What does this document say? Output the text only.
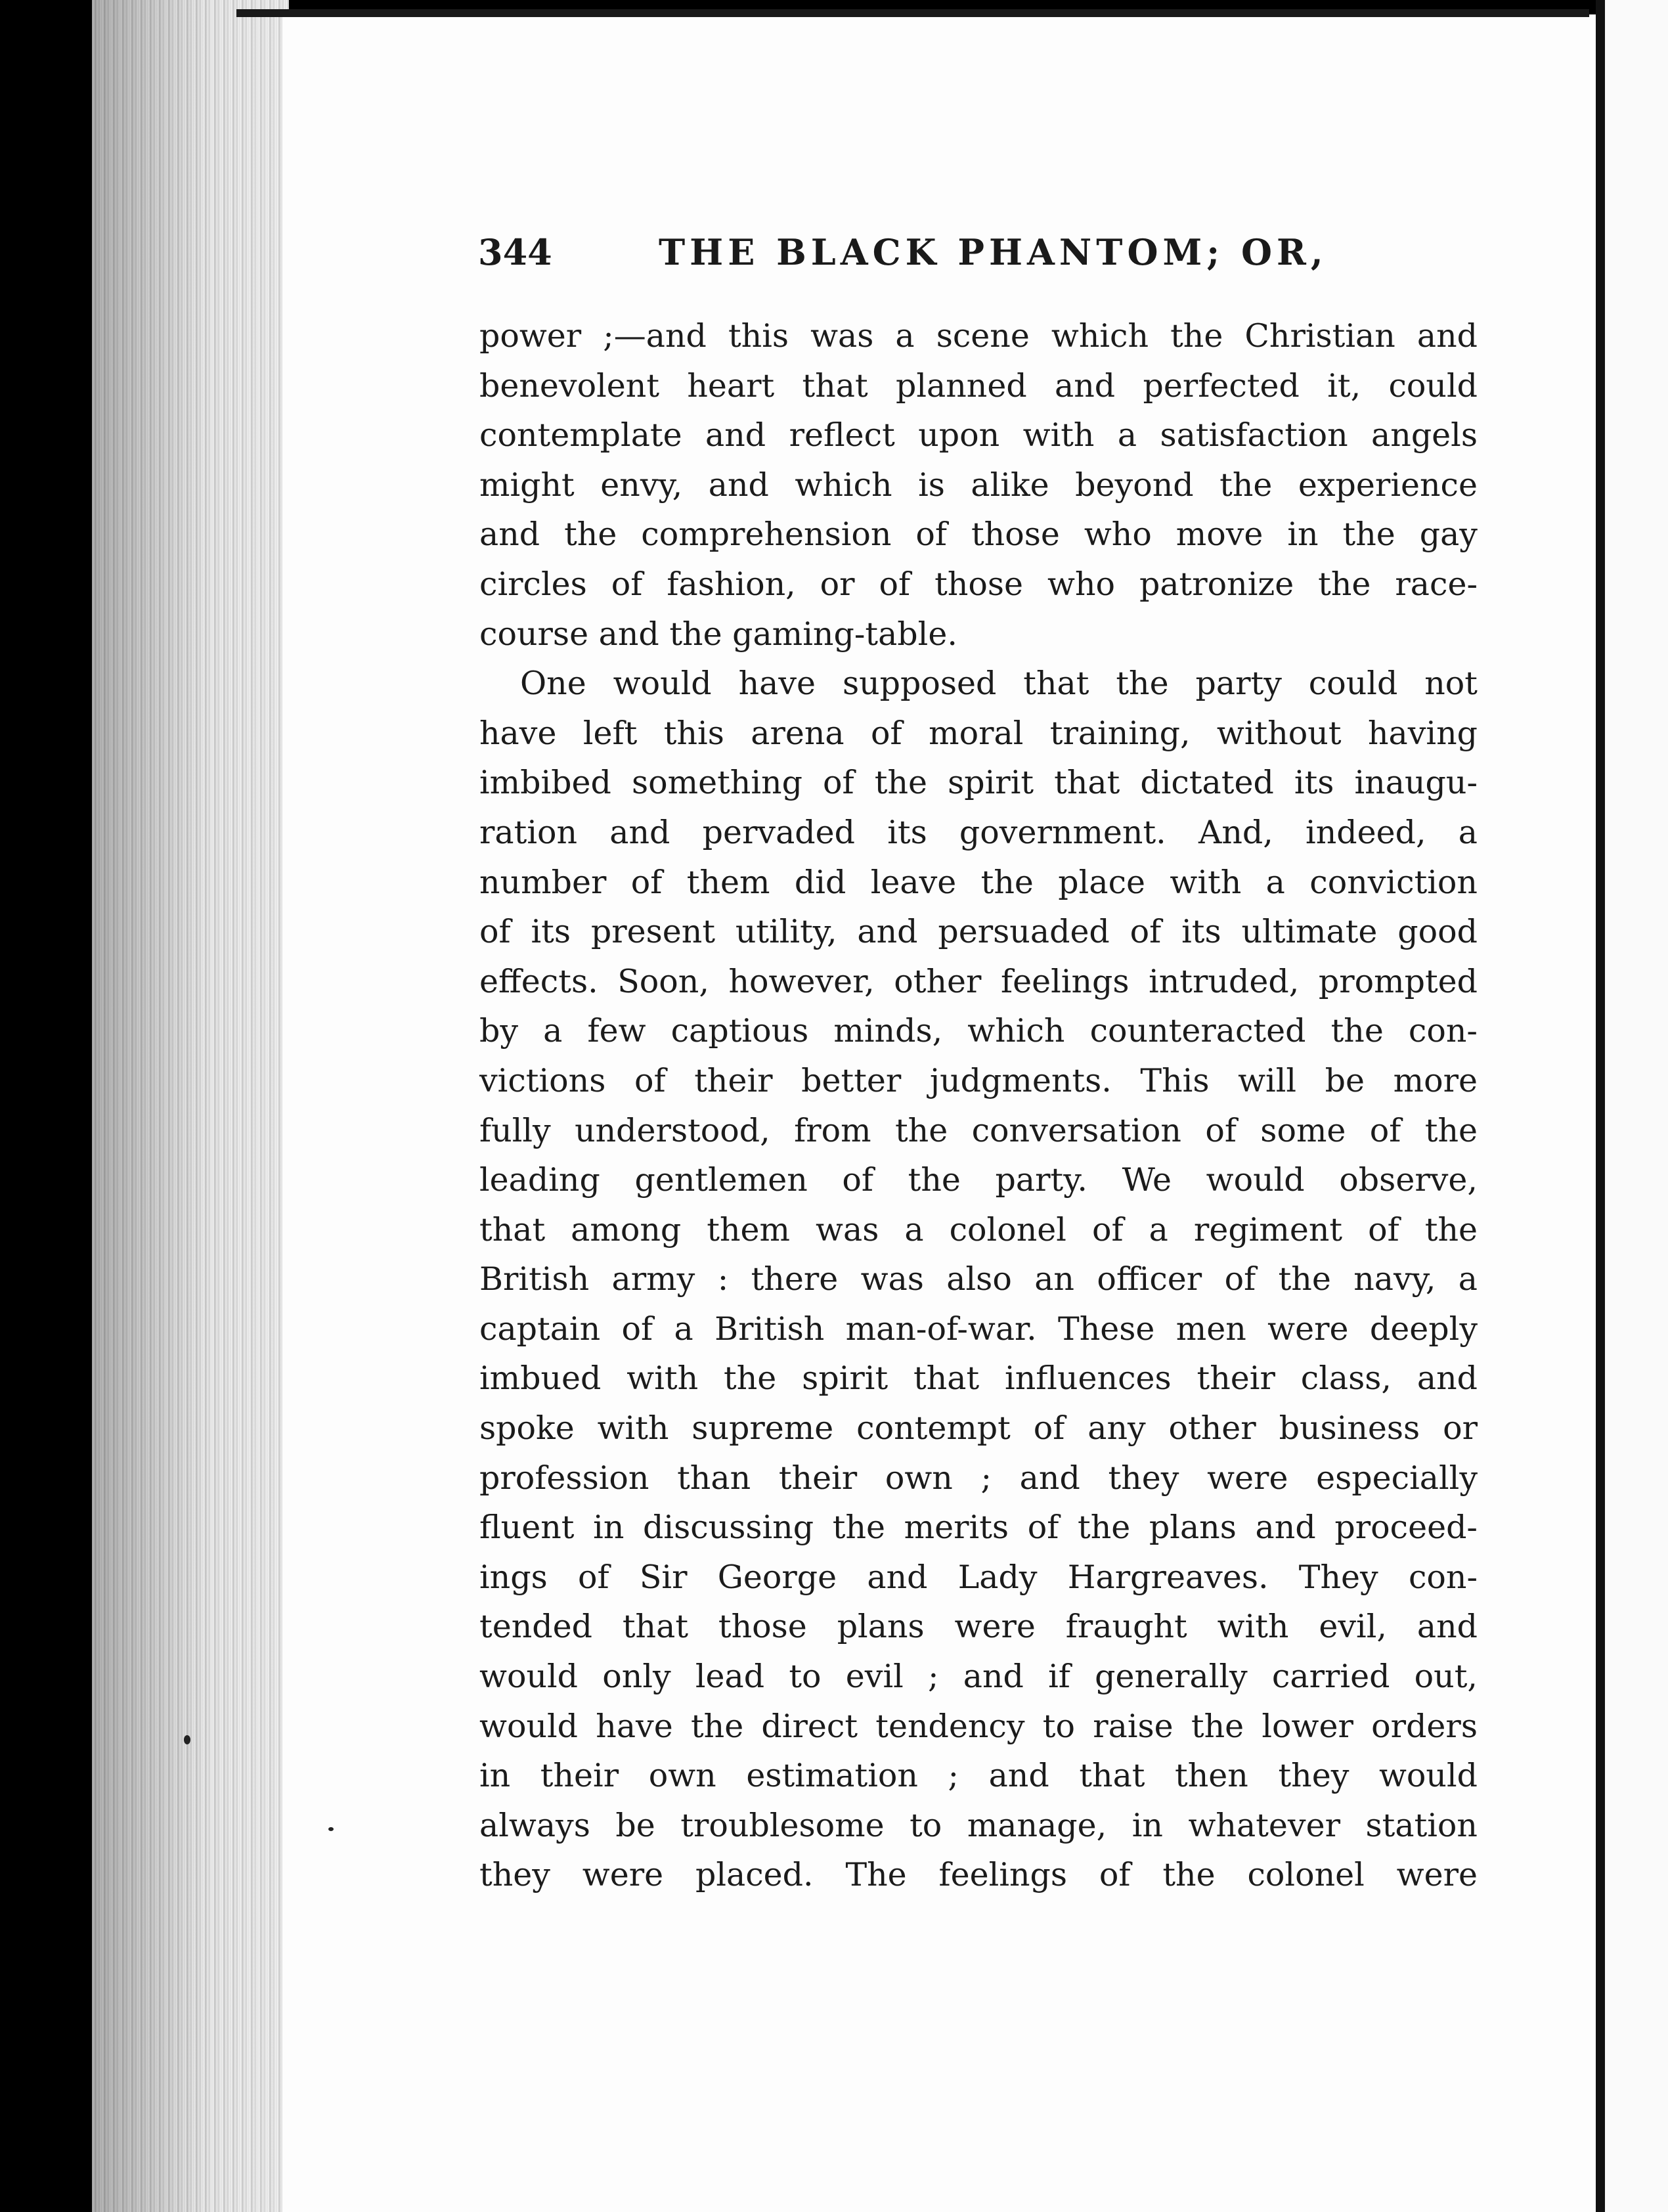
344	THE BLACK PHANTOM; OR,
power ;—and this was a scene which the Christian and
benevolent heart that planned and perfected it, could
contemplate and reflect upon with a satisfaction angels
might envy, and which is alike beyond the experience
and the comprehension of those who move in the gay
circles of fashion, or of those who patronize the race-
course and the gaming-table.
One would have supposed that the party could not
have left this arena of moral training, without having
imbibed something of the spirit that dictated its inaugu-
ration and pervaded its government. And, indeed, a
number of them did leave the place with a conviction
of its present utility, and persuaded of its ultimate good
effects. Soon, however, other feelings intruded, prompted
by a few captious minds, which counteracted the con-
victions of their better judgments. This will be more
fully understood, from the conversation of some of the
leading gentlemen of the party. We would observe,
that among them was a colonel of a regiment of the
British army : there was also an officer of the navy, a
captain of a British man-of-war. These men were deeply
imbued with the spirit that influences their class, and
spoke with supreme contempt of any other business or
profession than their own ; and they were especially
fluent in discussing the merits of the plans and proceed-
ings of Sir George and Lady Hargreaves. They con-
tended that those plans were fraught with evil, and
would only lead to evil ; and if generally carried out,
would have the direct tendency to raise the lower orders
in their own estimation ; and that then they would
always be troublesome to manage, in whatever station
they were placed. The feelings of the colonel were
